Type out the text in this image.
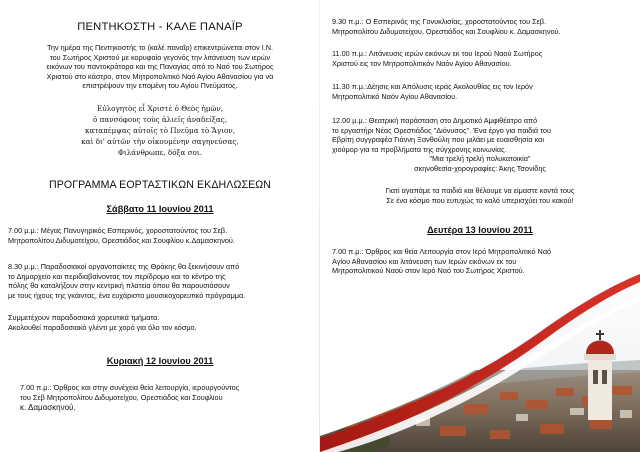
ΠΕΝΤΗΚΟΣΤΗ - ΚΑΛΕ ΠΑΝΑΪΡ

Την ημέρα της Πεντηκοστής το (καλέ παναΐρ) επικεντρώνεται στον Ι.Ν.

του Σωτήρος Χριστού με κορυφαίο γεγονός την λιτάνευση των ιερών

εικόνων του παντοκράτορα και της Παναγίας από το Ναό του Σωτήρος

Χριστού στο κάστρο, στον Μητροπολιτικό Ναό Αγίου Αθανασίου για να

επιστρέψουν την επομένη του Αγίου Πνεύματος.

Εὐλογητὸς εἶ Χριστὲ ὁ Θεὸς ἡμῶν,

ὁ πανσόφους τοὺς ἁλιεῖς ἀναδείξας,

καταπέμψας αὐτοῖς τὸ Πνεῦμα τὸ Ἅγιον,

καὶ δι' αὐτῶν τὴν οἰκουμένην σαγηνεύσας,

Φιλάνθρωπε, δόξα σοι.

ΠΡΟΓΡΑΜΜΑ ΕΟΡΤΑΣΤΙΚΩΝ ΕΚΔΗΛΩΣΕΩΝ

Σάββατο 11 Ιουνίου 2011

7.00 μ.μ.: Μέγας Πανυγηρικός Εσπερινός, χοροστατούντος του Σεβ.

Μητροπολίτου Διδυμοτείχου, Ορεστιάδος και Σουφλίου κ.Δαμασκηνού.

8.30 μ.μ.: Παραδοσιακοί οργανοπαίκτες της Θράκης θα ξεκινήσουν από

το Δημαρχείο και περιδιαβαίνοντας τον περίδρομο και το κέντρο της

πόλης θα καταλήξουν στην κεντρική πλατεία όπου θα παρουσιάσουν

με τους ήχους της γκάιντας, ένα ευχάριστο μουσικοχορευτικό πρόγραμμα.

Συμμετέχουν παραδοσιακά χορευτικά τμήματα.

Ακολουθεί παραδοσιακό γλέντι με χορό για όλο τον κόσμο.

Κυριακή 12 Ιουνίου 2011

7.00 π.μ.: Όρθρος και στην συνέχεια θεία λειτουργία, ιερουργούντος

του Σεβ Μητροπολίτου Διδυμοτείχου, Ορεστιάδος και Σουφλίου

κ. Δαμασκηνού.

9.30 π.μ.: Ο Εσπερινός της Γονυκλισίας, χοροστατούντος του Σεβ.

Μητροπολίτου Διδυμοτείχου, Ορεστιάδος και Σουφλίου κ. Δαμασκηνού.

11.00 π.μ.: Λιτάνευσις ιερών εικόνων εκ του Ιερού Ναού Σωτήρος

Χριστού εις τον Μητροπολιτικόν Ναόν Αγίου Αθανασίου.

11.30 π.μ.:Δέησις και Απόλυσις ιεράς Ακολουθίας εις τον Ιερόν

Μητροπολιτικό Ναόν Αγίου Αθανασίου.

12.00 μ.μ.: Θεατρική παράσταση στο Δημοτικό Αμφιθέατρο από

το εργαστήρι Νέας Ορεστιάδος "Διόνυσος". Ένα έργο για παιδιά του

Εβρίτη συγγραφέα Γιάννη Ξανθούλη που μιλάει με ευαισθησία και

χιούμορ για τα προβλήματα της σύγχρονης κοινωνίας.

"Μια τρελή τρελή πολυκατοικία"

σκηνοθεσία-χορογραφίες: Άκης Τσονίδης

Γιατί αγαπάμε τα παιδιά και θέλουμε να είμαστε κοντά τους

Σε ένα κόσμο που ευτυχώς το καλό υπερισχύει του κακού!

Δευτέρα 13 Ιουνίου 2011

7.00 π.μ.: Όρθρος και θεία Λειτουργία στον Ιερό Μητροπολιτικό Ναό

Αγίου Αθανασίου και λιτάνευση των Ιερών εικόνων εκ του

Μητροπολιτικού Ναού στον Ιερό Ναό του Σωτήρος Χριστού.
